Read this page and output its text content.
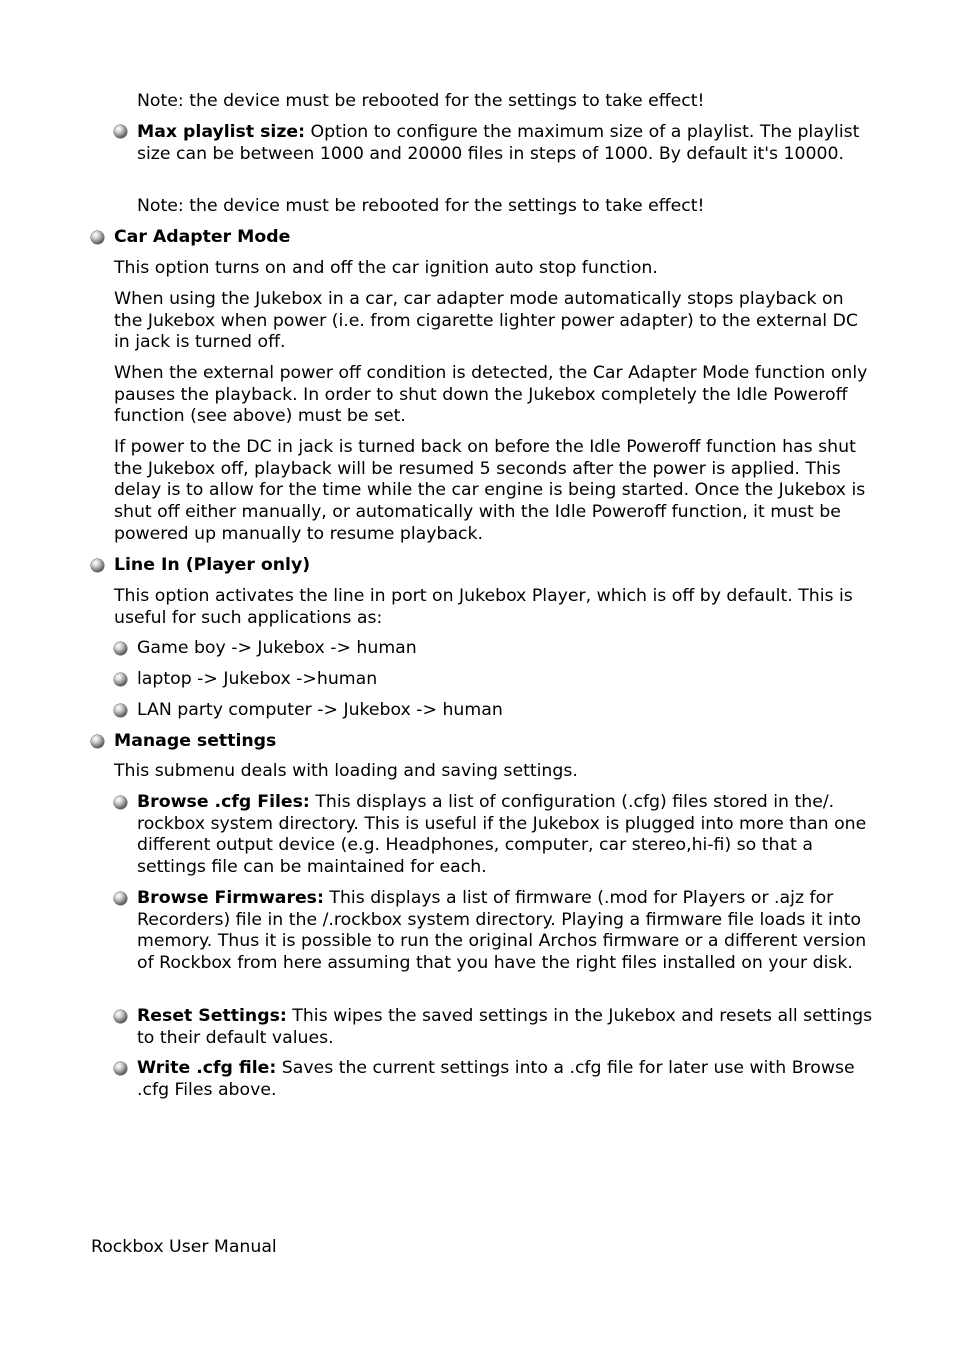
Note: the device must be rebooted for the settings to take effect!

Max playlist size: Option to configure the maximum size of a playlist. The playlist size can be between 1000 and 20000 files in steps of 1000. By default it's 10000.

Note: the device must be rebooted for the settings to take effect!

Car Adapter Mode

This option turns on and off the car ignition auto stop function.

When using the Jukebox in a car, car adapter mode automatically stops playback on the Jukebox when power (i.e. from cigarette lighter power adapter) to the external DC in jack is turned off.

When the external power off condition is detected, the Car Adapter Mode function only pauses the playback. In order to shut down the Jukebox completely the Idle Poweroff function (see above) must be set.

If power to the DC in jack is turned back on before the Idle Poweroff function has shut the Jukebox off, playback will be resumed 5 seconds after the power is applied. This delay is to allow for the time while the car engine is being started. Once the Jukebox is shut off either manually, or automatically with the Idle Poweroff function, it must be powered up manually to resume playback.

Line In (Player only)

This option activates the line in port on Jukebox Player, which is off by default. This is useful for such applications as:

Game boy -> Jukebox -> human

laptop -> Jukebox ->human

LAN party computer -> Jukebox -> human

Manage settings

This submenu deals with loading and saving settings.

Browse .cfg Files: This displays a list of configuration (.cfg) files stored in the/. rockbox system directory. This is useful if the Jukebox is plugged into more than one different output device (e.g. Headphones, computer, car stereo,hi-fi) so that a settings file can be maintained for each.

Browse Firmwares: This displays a list of firmware (.mod for Players or .ajz for Recorders) file in the /.rockbox system directory. Playing a firmware file loads it into memory. Thus it is possible to run the original Archos firmware or a different version of Rockbox from here assuming that you have the right files installed on your disk.

Reset Settings: This wipes the saved settings in the Jukebox and resets all settings to their default values.

Write .cfg file: Saves the current settings into a .cfg file for later use with Browse .cfg Files above.

Rockbox User Manual
